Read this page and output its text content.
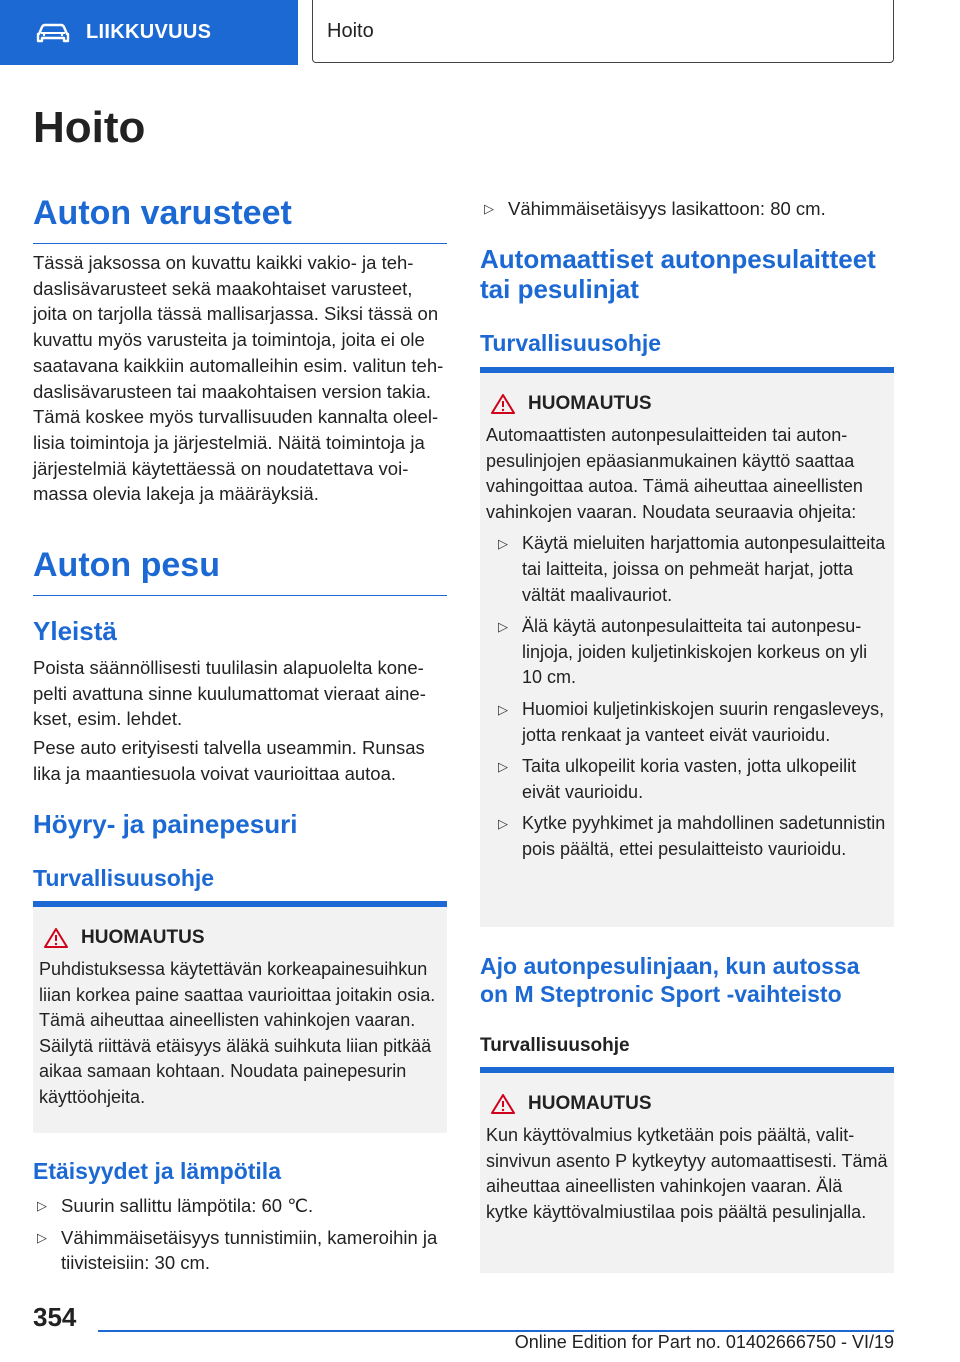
LIIKKUVUUS	Hoito
Hoito
Auton varusteet

Tässä jaksossa on kuvattu kaikki vakio- ja tehdaslisävarusteet sekä maakohtaiset varusteet, joita on tarjolla tässä mallisarjassa. Siksi tässä on kuvattu myös varusteita ja toimintoja, joita ei ole saatavana kaikkiin automalleihin esim. valitun tehdaslisävarusteen tai maakohtaisen version takia. Tämä koskee myös turvallisuuden kannalta oleellisia toimintoja ja järjestelmiä. Näitä toimintoja ja järjestelmiä käytettäessä on noudatettava voimassa olevia lakeja ja määräyksiä.

Auton pesu
Yleistä

Poista säännöllisesti tuulilasin alapuolelta konepelti avattuna sinne kuulumattomat vieraat ainekset, esim. lehdet.

Pese auto erityisesti talvella useammin. Runsas lika ja maantiesuola voivat vaurioittaa autoa.

Höyry- ja painepesuri
Turvallisuusohje
HUOMAUTUS

Puhdistuksessa käytettävän korkeapainesuihkun liian korkea paine saattaa vaurioittaa joitakin osia. Tämä aiheuttaa aineellisten vahinkojen vaaran. Säilytä riittävä etäisyys äläkä suihkuta liian pitkää aikaa samaan kohtaan. Noudata painepesurin käyttöohjeita.

Etäisyydet ja lämpötila
▷ Suurin sallittu lämpötila: 60 ℃.
▷ Vähimmäisetäisyys tunnistimiin, kameroihin ja tiivisteisiin: 30 cm.
▷ Vähimmäisetäisyys lasikattoon: 80 cm.
Automaattiset autonpesulaitteet tai pesulinjat
Turvallisuusohje
HUOMAUTUS

Automaattisten autonpesulaitteiden tai autonpesulinjojen epäasianmukainen käyttö saattaa vahingoittaa autoa. Tämä aiheuttaa aineellisten vahinkojen vaaran. Noudata seuraavia ohjeita:

▷ Käytä mieluiten harjattomia autonpesulaitteita tai laitteita, joissa on pehmeät harjat, jotta vältät maalivauriot.
▷ Älä käytä autonpesulaitteita tai autonpesulinjoja, joiden kuljetinkiskojen korkeus on yli 10 cm.
▷ Huomioi kuljetinkiskojen suurin rengasleveys, jotta renkaat ja vanteet eivät vaurioidu.
▷ Taita ulkopeilit koria vasten, jotta ulkopeilit eivät vaurioidu.
▷ Kytke pyyhkimet ja mahdollinen sadetunnistin pois päältä, ettei pesulaitteisto vaurioidu.
Ajo autonpesulinjaan, kun autossa on M Steptronic Sport -vaihteisto
Turvallisuusohje
HUOMAUTUS

Kun käyttövalmius kytketään pois päältä, valitsinvivun asento P kytkeytyy automaattisesti. Tämä aiheuttaa aineellisten vahinkojen vaaran. Älä kytke käyttövalmiustilaa pois päältä pesulinjalla.

354
Online Edition for Part no. 01402666750 - VI/19
